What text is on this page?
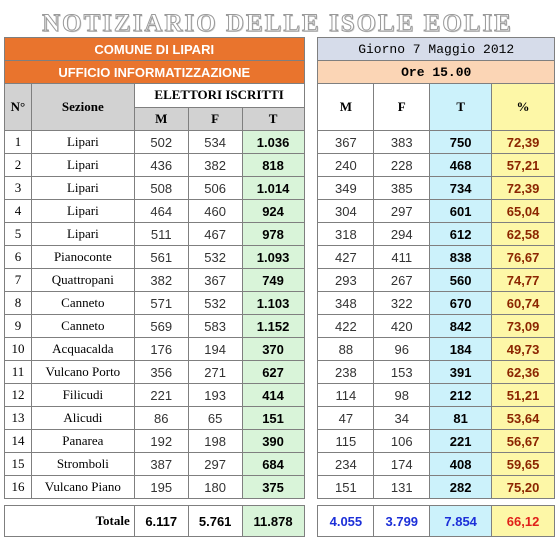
NOTIZIARIO DELLE ISOLE EOLIE
COMUNE DI LIPARI						Giorno 7 Maggio 2012			
UFFICIO INFORMATIZZAZIONE						Ore 15.00			
N°	Sezione	ELETTORI ISCRITTI				M	F	T	%
		M	F	T					
1	Lipari	502	534	1.036		367	383	750	72,39
2	Lipari	436	382	818		240	228	468	57,21
3	Lipari	508	506	1.014		349	385	734	72,39
4	Lipari	464	460	924		304	297	601	65,04
5	Lipari	511	467	978		318	294	612	62,58
6	Pianoconte	561	532	1.093		427	411	838	76,67
7	Quattropani	382	367	749		293	267	560	74,77
8	Canneto	571	532	1.103		348	322	670	60,74
9	Canneto	569	583	1.152		422	420	842	73,09
10	Acquacalda	176	194	370		88	96	184	49,73
11	Vulcano Porto	356	271	627		238	153	391	62,36
12	Filicudi	221	193	414		114	98	212	51,21
13	Alicudi	86	65	151		47	34	81	53,64
14	Panarea	192	198	390		115	106	221	56,67
15	Stromboli	387	297	684		234	174	408	59,65
16	Vulcano Piano	195	180	375		151	131	282	75,20

Totale		6.117	5.761	11.878		4.055	3.799	7.854	66,12
